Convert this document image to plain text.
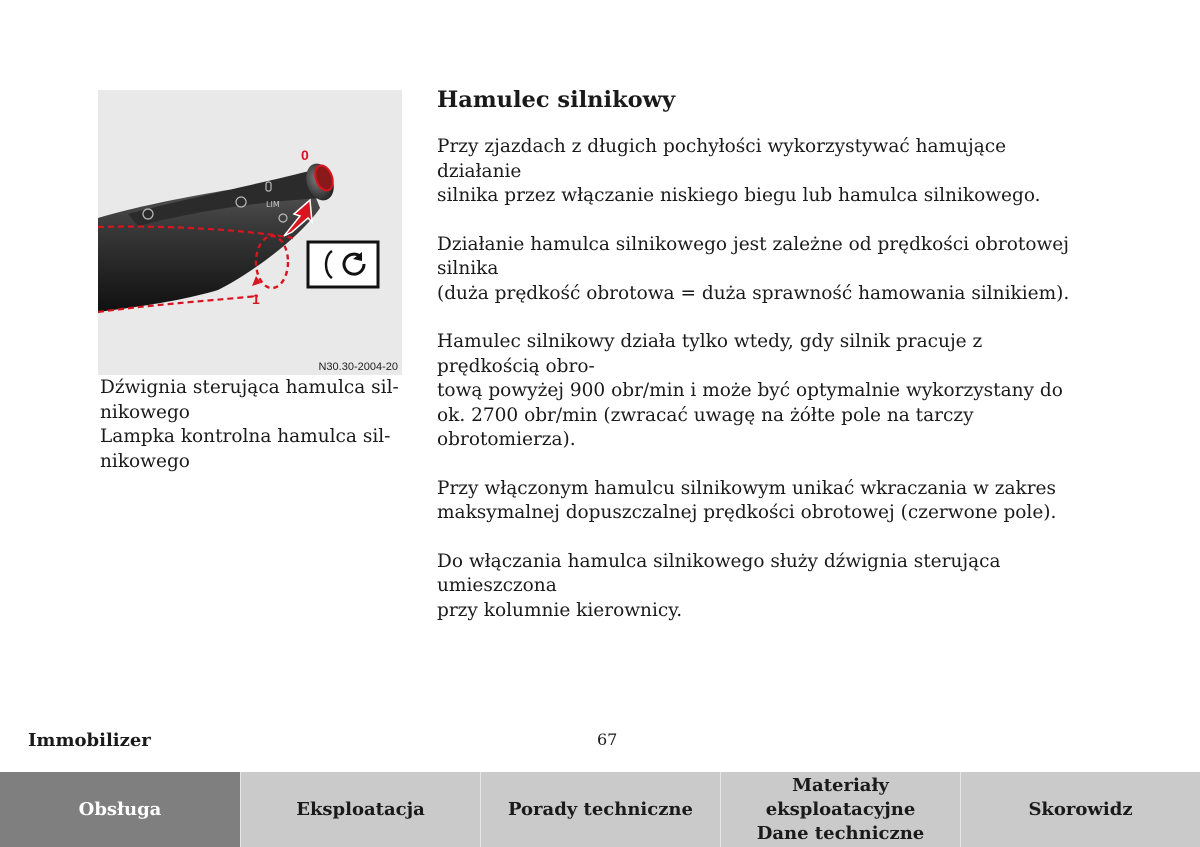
LIM
0
1
N30.30-2004-20
Dźwignia sterująca hamulca sil-
nikowego
Lampka kontrolna hamulca sil-
nikowego
Hamulec silnikowy
Przy zjazdach z długich pochyłości wykorzystywać hamujące działanie
silnika przez włączanie niskiego biegu lub hamulca silnikowego.
Działanie hamulca silnikowego jest zależne od prędkości obrotowej silnika
(duża prędkość obrotowa = duża sprawność hamowania silnikiem).
Hamulec silnikowy działa tylko wtedy, gdy silnik pracuje z prędkością obro-
tową powyżej 900 obr/min i może być optymalnie wykorzystany do
ok. 2700 obr/min (zwracać uwagę na żółte pole na tarczy obrotomierza).
Przy włączonym hamulcu silnikowym unikać wkraczania w zakres
maksymalnej dopuszczalnej prędkości obrotowej (czerwone pole).
Do włączania hamulca silnikowego służy dźwignia sterująca umieszczona
przy kolumnie kierownicy.
Immobilizer	67
Obsługa	Eksploatacja	Porady techniczne
Materiały eksploatacyjne
Dane techniczne
Skorowidz
